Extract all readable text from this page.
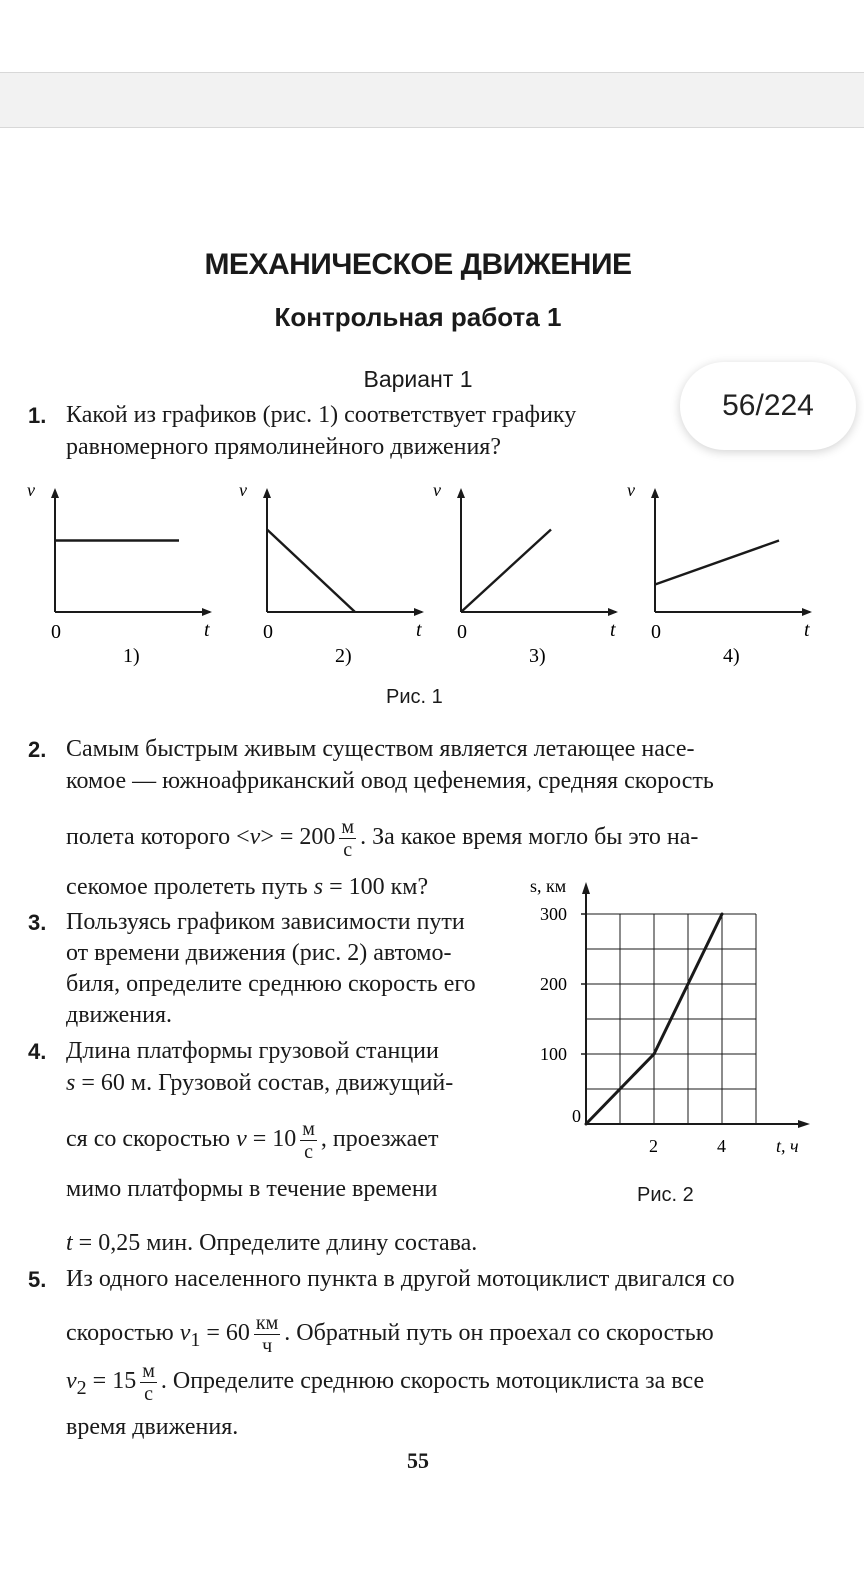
56/224
МЕХАНИЧЕСКОЕ ДВИЖЕНИЕ
Контрольная работа 1
Вариант 1
1. Какой из графиков (рис. 1) соответствует графику
равномерного прямолинейного движения?
v
t
0
1)
v
t
0
2)
v
t
0
3)
v
t
0
4)
Рис. 1
2. Самым быстрым живым существом является летающее насе-
комое — южноафриканский овод цефенемия, средняя скорость
полета которого $<v> = 200 \frac{м}{с}$ . За какое время могло бы это на-
секомое пролететь путь s = 100 км?
3. Пользуясь графиком зависимости пути
от времени движения (рис. 2) автомо-
биля, определите среднюю скорость его
движения.
4. Длина платформы грузовой станции
s = 60 м. Грузовой состав, движущий-
ся со скоростью $v = 10 \frac{м}{с}$ , проезжает
мимо платформы в течение времени
t = 0,25 мин. Определите длину состава.
0
100
200
300
2	4
s, км
t, ч
Рис. 2
5. Из одного населенного пункта в другой мотоциклист двигался со
скоростью $v_1 = 60 \frac{км}{ч}$ . Обратный путь он проехал со скоростью
$v_2 = 15 \frac{м}{с}$ . Определите среднюю скорость мотоциклиста за все
время движения.
55
